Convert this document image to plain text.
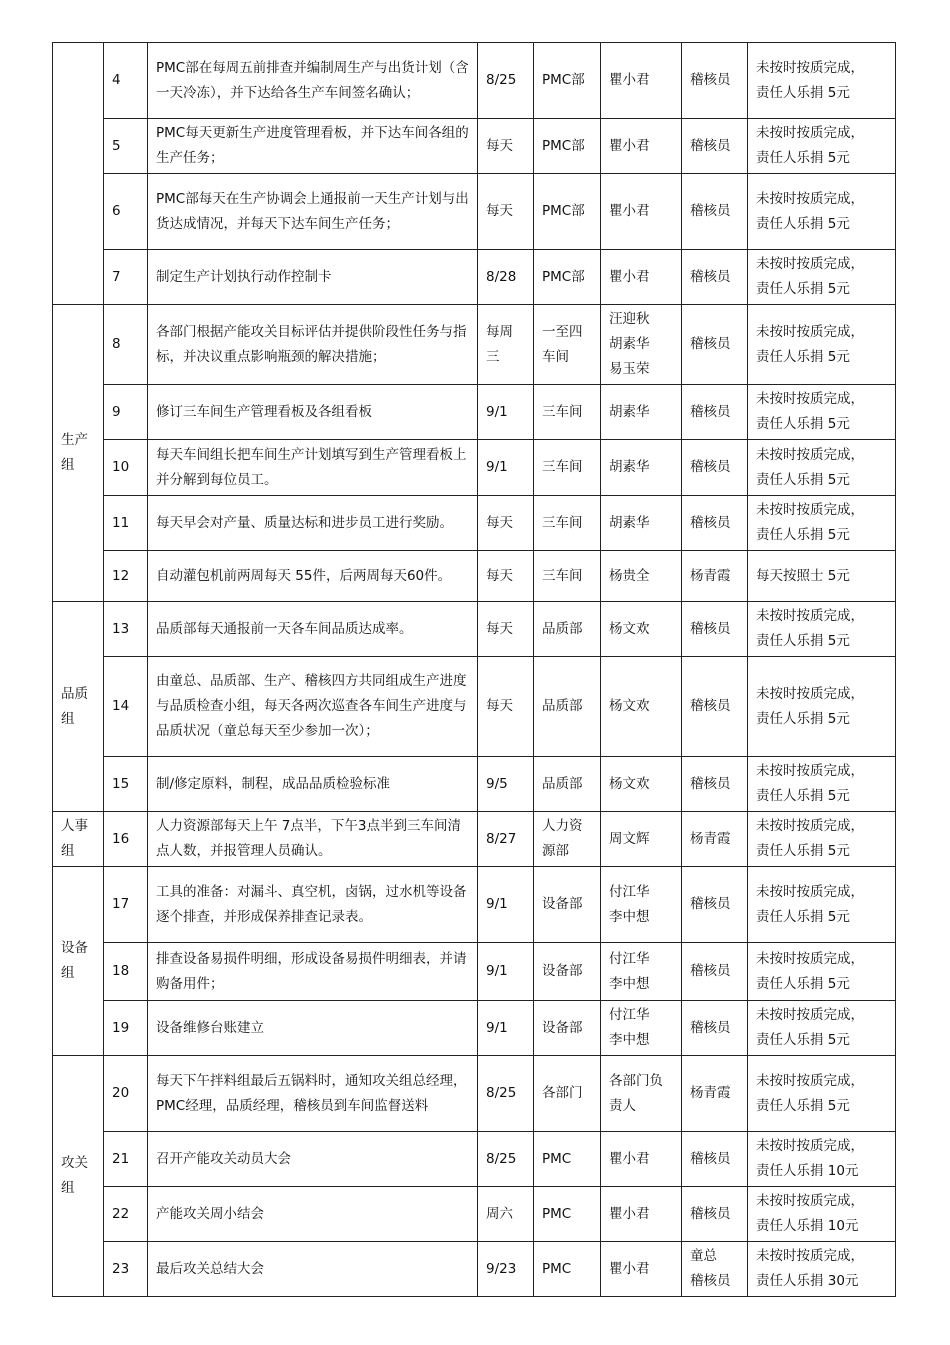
	4	PMC部在每周五前排查并编制周生产与出货计划（含一天冷冻），并下达给各生产车间签名确认；	8/25	PMC部	瞿小君	稽核员	未按时按质完成，
责任人乐捐 5元
	5	PMC每天更新生产进度管理看板，并下达车间各组的生产任务；	每天	PMC部	瞿小君	稽核员	未按时按质完成，
责任人乐捐 5元
	6	PMC部每天在生产协调会上通报前一天生产计划与出货达成情况，并每天下达车间生产任务；	每天	PMC部	瞿小君	稽核员	未按时按质完成，
责任人乐捐 5元
	7	制定生产计划执行动作控制卡	8/28	PMC部	瞿小君	稽核员	未按时按质完成，
责任人乐捐 5元
生产组	8	各部门根据产能攻关目标评估并提供阶段性任务与指标，并决议重点影响瓶颈的解决措施；	每周三	一至四车间	汪迎秋
胡素华
易玉荣	稽核员	未按时按质完成，
责任人乐捐 5元
	9	修订三车间生产管理看板及各组看板	9/1	三车间	胡素华	稽核员	未按时按质完成，
责任人乐捐 5元
	10	每天车间组长把车间生产计划填写到生产管理看板上并分解到每位员工。	9/1	三车间	胡素华	稽核员	未按时按质完成，
责任人乐捐 5元
	11	每天早会对产量、质量达标和进步员工进行奖励。	每天	三车间	胡素华	稽核员	未按时按质完成，
责任人乐捐 5元
	12	自动灌包机前两周每天 55件，后两周每天60件。	每天	三车间	杨贵全	杨青霞	每天按照士 5元
品质组	13	品质部每天通报前一天各车间品质达成率。	每天	品质部	杨文欢	稽核员	未按时按质完成，
责任人乐捐 5元
	14	由童总、品质部、生产、稽核四方共同组成生产进度与品质检查小组，每天各两次巡查各车间生产进度与品质状况（童总每天至少参加一次）；	每天	品质部	杨文欢	稽核员	未按时按质完成，
责任人乐捐 5元
	15	制/修定原料，制程，成品品质检验标准	9/5	品质部	杨文欢	稽核员	未按时按质完成，
责任人乐捐 5元
人事组	16	人力资源部每天上午 7点半，下午3点半到三车间清点人数，并报管理人员确认。	8/27	人力资源部	周文辉	杨青霞	未按时按质完成，
责任人乐捐 5元
设备组	17	工具的准备：对漏斗、真空机，卤锅，过水机等设备逐个排查，并形成保养排查记录表。	9/1	设备部	付江华
李中想	稽核员	未按时按质完成，
责任人乐捐 5元
	18	排查设备易损件明细，形成设备易损件明细表，并请购备用件；	9/1	设备部	付江华
李中想	稽核员	未按时按质完成，
责任人乐捐 5元
	19	设备维修台账建立	9/1	设备部	付江华
李中想	稽核员	未按时按质完成，
责任人乐捐 5元
攻关组	20	每天下午拌料组最后五锅料时，通知攻关组总经理，PMC经理，品质经理，稽核员到车间监督送料	8/25	各部门	各部门负责人	杨青霞	未按时按质完成，
责任人乐捐 5元
	21	召开产能攻关动员大会	8/25	PMC	瞿小君	稽核员	未按时按质完成，
责任人乐捐 10元
	22	产能攻关周小结会	周六	PMC	瞿小君	稽核员	未按时按质完成，
责任人乐捐 10元
	23	最后攻关总结大会	9/23	PMC	瞿小君	童总
稽核员	未按时按质完成，
责任人乐捐 30元
